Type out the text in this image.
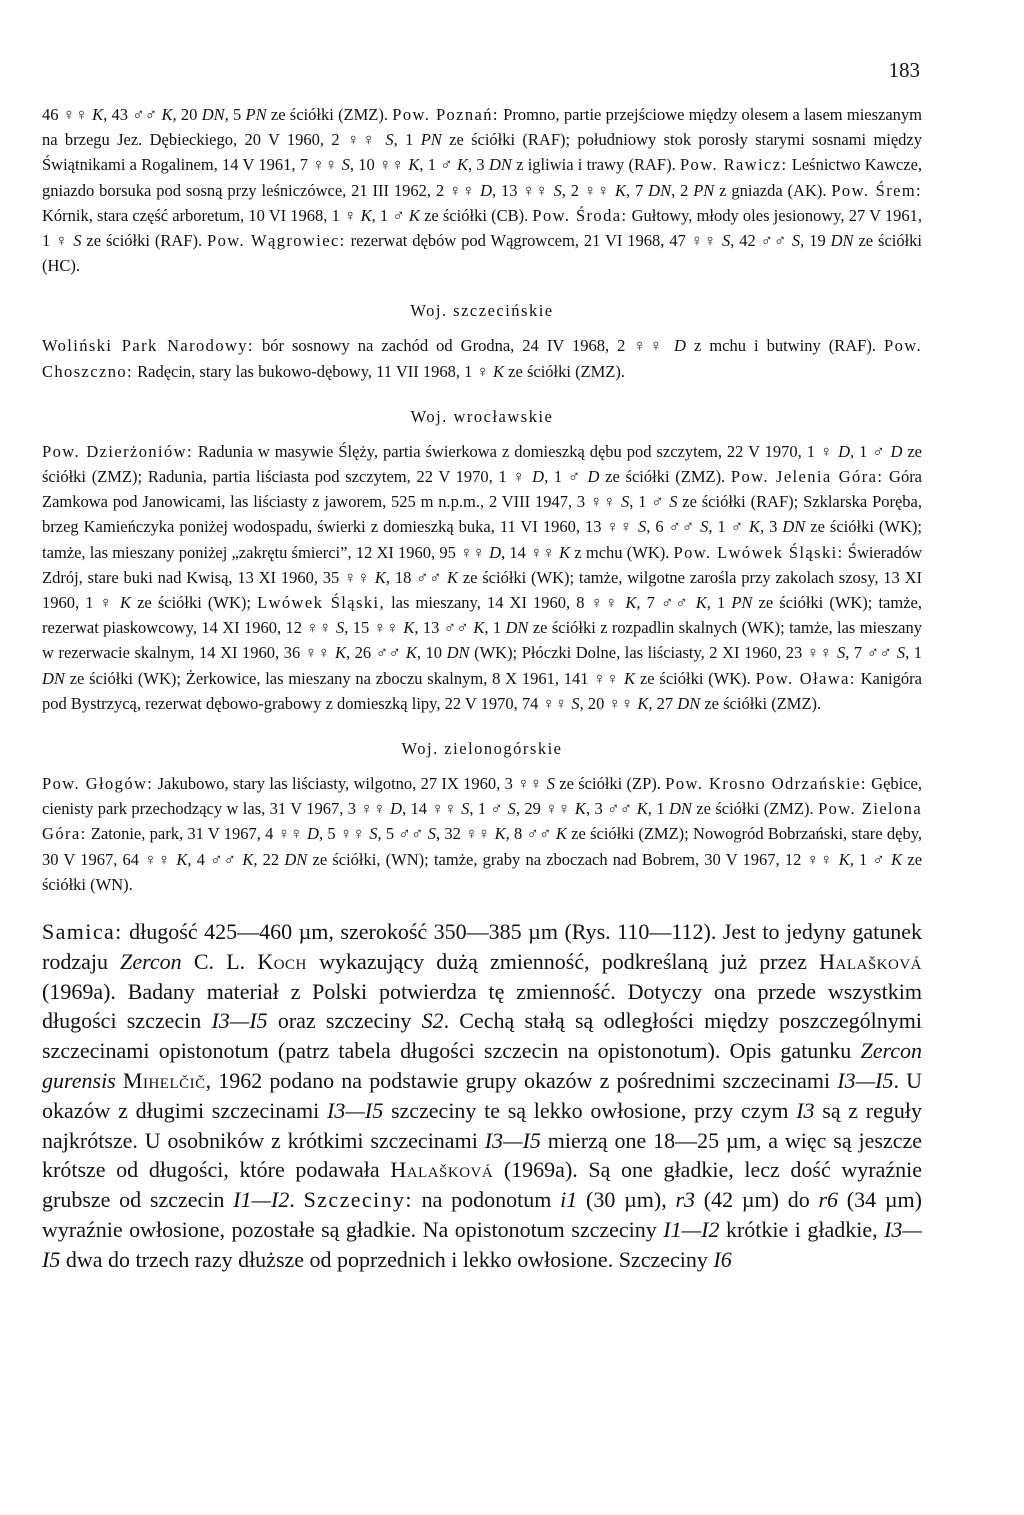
183

46 ♀♀ K, 43 ♂♂ K, 20 DN, 5 PN ze ściółki (ZMZ). Pow. Poznań: Promno, partie przejściowe między olesem a lasem mieszanym na brzegu Jez. Dębieckiego, 20 V 1960, 2 ♀♀ S, 1 PN ze ściółki (RAF); południowy stok porosły starymi sosnami między Świątnikami a Rogalinem, 14 V 1961, 7 ♀♀ S, 10 ♀♀ K, 1 ♂ K, 3 DN z igliwia i trawy (RAF). Pow. Rawicz: Leśnictwo Kawcze, gniazdo borsuka pod sosną przy leśniczówce, 21 III 1962, 2 ♀♀ D, 13 ♀♀ S, 2 ♀♀ K, 7 DN, 2 PN z gniazda (AK). Pow. Śrem: Kórnik, stara część arboretum, 10 VI 1968, 1 ♀ K, 1 ♂ K ze ściółki (CB). Pow. Środa: Gułtowy, młody oles jesionowy, 27 V 1961, 1 ♀ S ze ściółki (RAF). Pow. Wągrowiec: rezerwat dębów pod Wągrowcem, 21 VI 1968, 47 ♀♀ S, 42 ♂♂ S, 19 DN ze ściółki (HC).

Woj. szczecińskie

Woliński Park Narodowy: bór sosnowy na zachód od Grodna, 24 IV 1968, 2 ♀♀ D z mchu i butwiny (RAF). Pow. Choszczno: Radęcin, stary las bukowo-dębowy, 11 VII 1968, 1 ♀ K ze ściółki (ZMZ).

Woj. wrocławskie

Pow. Dzierżoniów: Radunia w masywie Ślęży, partia świerkowa z domieszką dębu pod szczytem, 22 V 1970, 1 ♀ D, 1 ♂ D ze ściółki (ZMZ); Radunia, partia liściasta pod szczytem, 22 V 1970, 1 ♀ D, 1 ♂ D ze ściółki (ZMZ). Pow. Jelenia Góra: Góra Zamkowa pod Janowicami, las liściasty z jaworem, 525 m n.p.m., 2 VIII 1947, 3 ♀♀ S, 1 ♂ S ze ściółki (RAF); Szklarska Poręba, brzeg Kamieńczyka poniżej wodospadu, świerki z domieszką buka, 11 VI 1960, 13 ♀♀ S, 6 ♂♂ S, 1 ♂ K, 3 DN ze ściółki (WK); tamże, las mieszany poniżej „zakrętu śmierci”, 12 XI 1960, 95 ♀♀ D, 14 ♀♀ K z mchu (WK). Pow. Lwówek Śląski: Świeradów Zdrój, stare buki nad Kwisą, 13 XI 1960, 35 ♀♀ K, 18 ♂♂ K ze ściółki (WK); tamże, wilgotne zarośla przy zakolach szosy, 13 XI 1960, 1 ♀ K ze ściółki (WK); Lwówek Śląski, las mieszany, 14 XI 1960, 8 ♀♀ K, 7 ♂♂ K, 1 PN ze ściółki (WK); tamże, rezerwat piaskowcowy, 14 XI 1960, 12 ♀♀ S, 15 ♀♀ K, 13 ♂♂ K, 1 DN ze ściółki z rozpadlin skalnych (WK); tamże, las mieszany w rezerwacie skalnym, 14 XI 1960, 36 ♀♀ K, 26 ♂♂ K, 10 DN (WK); Płóczki Dolne, las liściasty, 2 XI 1960, 23 ♀♀ S, 7 ♂♂ S, 1 DN ze ściółki (WK); Żerkowice, las mieszany na zboczu skalnym, 8 X 1961, 141 ♀♀ K ze ściółki (WK). Pow. Oława: Kanigóra pod Bystrzycą, rezerwat dębowo-grabowy z domieszką lipy, 22 V 1970, 74 ♀♀ S, 20 ♀♀ K, 27 DN ze ściółki (ZMZ).

Woj. zielonogórskie

Pow. Głogów: Jakubowo, stary las liściasty, wilgotno, 27 IX 1960, 3 ♀♀ S ze ściółki (ZP). Pow. Krosno Odrzańskie: Gębice, cienisty park przechodzący w las, 31 V 1967, 3 ♀♀ D, 14 ♀♀ S, 1 ♂ S, 29 ♀♀ K, 3 ♂♂ K, 1 DN ze ściółki (ZMZ). Pow. Zielona Góra: Zatonie, park, 31 V 1967, 4 ♀♀ D, 5 ♀♀ S, 5 ♂♂ S, 32 ♀♀ K, 8 ♂♂ K ze ściółki (ZMZ); Nowogród Bobrzański, stare dęby, 30 V 1967, 64 ♀♀ K, 4 ♂♂ K, 22 DN ze ściółki, (WN); tamże, graby na zboczach nad Bobrem, 30 V 1967, 12 ♀♀ K, 1 ♂ K ze ściółki (WN).

Samica: długość 425—460 µm, szerokość 350—385 µm (Rys. 110—112). Jest to jedyny gatunek rodzaju Zercon C. L. Koch wykazujący dużą zmienność, podkreślaną już przez Halašková (1969a). Badany materiał z Polski potwierdza tę zmienność. Dotyczy ona przede wszystkim długości szczecin I3—I5 oraz szczeciny S2. Cechą stałą są odległości między poszczególnymi szczecinami opistonotum (patrz tabela długości szczecin na opistonotum). Opis gatunku Zercon gurensis Mihelčič, 1962 podano na podstawie grupy okazów z pośrednimi szczecinami I3—I5. U okazów z długimi szczecinami I3—I5 szczeciny te są lekko owłosione, przy czym I3 są z reguły najkrótsze. U osobników z krótkimi szczecinami I3—I5 mierzą one 18—25 µm, a więc są jeszcze krótsze od długości, które podawała Halašková (1969a). Są one gładkie, lecz dość wyraźnie grubsze od szczecin I1—I2. Szczeciny: na podonotum i1 (30 µm), r3 (42 µm) do r6 (34 µm) wyraźnie owłosione, pozostałe są gładkie. Na opistonotum szczeciny I1—I2 krótkie i gładkie, I3—I5 dwa do trzech razy dłuższe od poprzednich i lekko owłosione. Szczeciny I6
